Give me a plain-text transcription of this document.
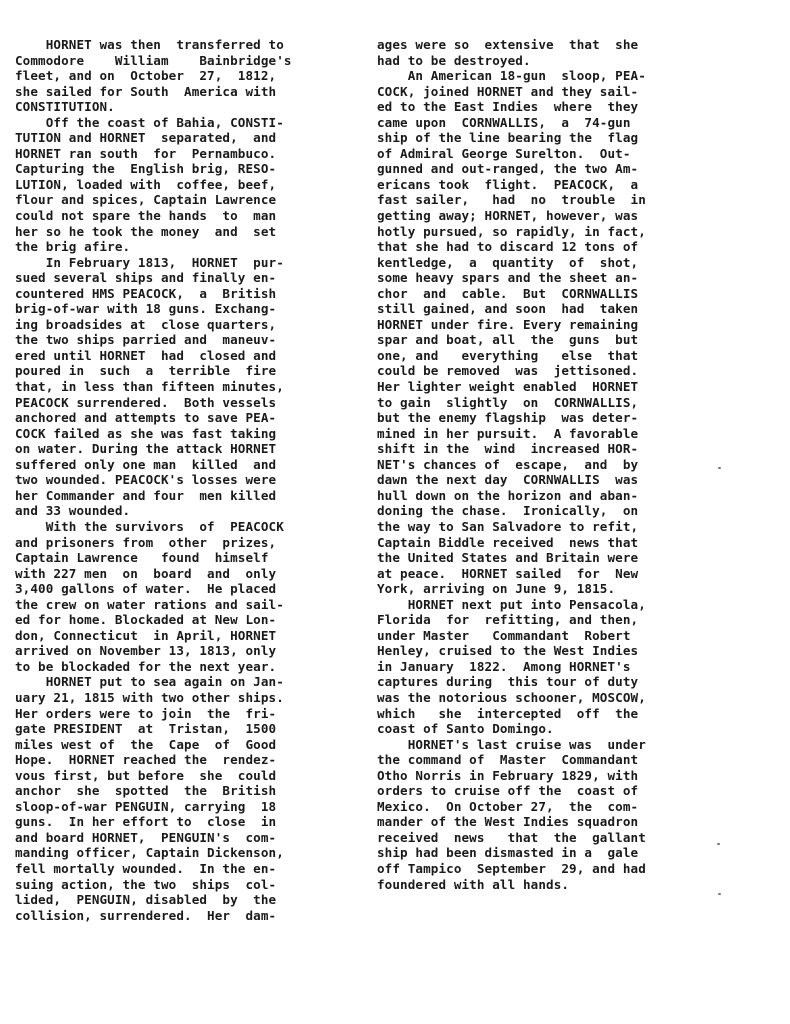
HORNET was then  transferred to
Commodore    William    Bainbridge's
fleet, and on  October  27,  1812,
she sailed for South  America with
CONSTITUTION.
Off the coast of Bahia, CONSTI-
TUTION and HORNET  separated,  and
HORNET ran south  for  Pernambuco.
Capturing the  English brig, RESO-
LUTION, loaded with  coffee, beef,
flour and spices, Captain Lawrence
could not spare the hands  to  man
her so he took the money  and  set
the brig afire.
In February 1813,  HORNET  pur-
sued several ships and finally en-
countered HMS PEACOCK,  a  British
brig-of-war with 18 guns. Exchang-
ing broadsides at  close quarters,
the two ships parried and  maneuv-
ered until HORNET  had  closed and
poured in  such  a  terrible  fire
that, in less than fifteen minutes,
PEACOCK surrendered.  Both vessels
anchored and attempts to save PEA-
COCK failed as she was fast taking
on water. During the attack HORNET
suffered only one man  killed  and
two wounded. PEACOCK's losses were
her Commander and four  men killed
and 33 wounded.
With the survivors  of  PEACOCK
and prisoners from  other  prizes,
Captain Lawrence   found  himself
with 227 men  on  board  and  only
3,400 gallons of water.  He placed
the crew on water rations and sail-
ed for home. Blockaded at New Lon-
don, Connecticut  in April, HORNET
arrived on November 13, 1813, only
to be blockaded for the next year.
HORNET put to sea again on Jan-
uary 21, 1815 with two other ships.
Her orders were to join  the  fri-
gate PRESIDENT  at  Tristan,  1500
miles west of  the  Cape  of  Good
Hope.  HORNET reached the  rendez-
vous first, but before  she  could
anchor  she  spotted  the  British
sloop-of-war PENGUIN, carrying  18
guns.  In her effort to  close  in
and board HORNET,  PENGUIN's  com-
manding officer, Captain Dickenson,
fell mortally wounded.  In the en-
suing action, the two  ships  col-
lided,  PENGUIN, disabled  by  the
collision, surrendered.  Her  dam-
ages were so  extensive  that  she
had to be destroyed.
An American 18-gun  sloop, PEA-
COCK, joined HORNET and they sail-
ed to the East Indies  where  they
came upon  CORNWALLIS,  a  74-gun
ship of the line bearing the  flag
of Admiral George Surelton.  Out-
gunned and out-ranged, the two Am-
ericans took  flight.  PEACOCK,  a
fast sailer,   had  no  trouble  in
getting away; HORNET, however, was
hotly pursued, so rapidly, in fact,
that she had to discard 12 tons of
kentledge,  a  quantity  of  shot,
some heavy spars and the sheet an-
chor  and  cable.  But  CORNWALLIS
still gained, and soon  had  taken
HORNET under fire. Every remaining
spar and boat, all  the  guns  but
one, and   everything   else  that
could be removed  was  jettisoned.
Her lighter weight enabled  HORNET
to gain  slightly  on  CORNWALLIS,
but the enemy flagship  was deter-
mined in her pursuit.  A favorable
shift in the  wind  increased HOR-
NET's chances of  escape,  and  by
dawn the next day  CORNWALLIS  was
hull down on the horizon and aban-
doning the chase.  Ironically,  on
the way to San Salvadore to refit,
Captain Biddle received  news that
the United States and Britain were
at peace.  HORNET sailed  for  New
York, arriving on June 9, 1815.
HORNET next put into Pensacola,
Florida  for  refitting, and then,
under Master   Commandant  Robert
Henley, cruised to the West Indies
in January  1822.  Among HORNET's
captures during  this tour of duty
was the notorious schooner, MOSCOW,
which   she  intercepted  off  the
coast of Santo Domingo.
HORNET's last cruise was  under
the command of  Master  Commandant
Otho Norris in February 1829, with
orders to cruise off the  coast of
Mexico.  On October 27,  the  com-
mander of the West Indies squadron
received  news   that  the  gallant
ship had been dismasted in a  gale
off Tampico  September  29, and had
foundered with all hands.
